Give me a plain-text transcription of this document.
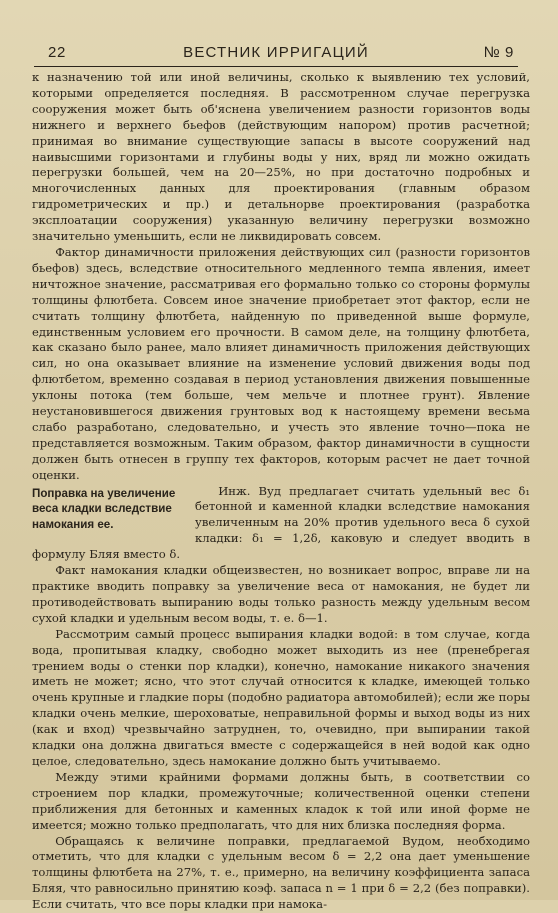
22	ВЕСТНИК ИРРИГАЦИЙ	№ 9

к назначению той или иной величины, сколько к выявлению тех условий, которыми определяется последняя. В рассмотренном случае перегрузка сооружения может быть об'яснена увеличением разности горизонтов воды нижнего и верхнего бьефов (действующим напором) против расчетной; принимая во внимание существующие запасы в высоте сооружений над наивысшими горизонтами и глубины воды у них, вряд ли можно ожидать перегрузки большей, чем на 20—25%, но при достаточно подробных и многочисленных данных для проектирования (главным образом гидрометрических и пр.) и детальнорве проектирования (разработка эксплоатации сооружения) указанную величину перегрузки возможно значительно уменьшить, если не ликвидировать совсем.

Фактор динамичности приложения действующих сил (разности горизонтов бьефов) здесь, вследствие относительного медленного темпа явления, имеет ничтожное значение, рассматривая его формально только со стороны формулы толщины флютбета. Совсем иное значение приобретает этот фактор, если не считать толщину флютбета, найденную по приведенной выше формуле, единственным условием его прочности. В самом деле, на толщину флютбета, как сказано было ранее, мало влияет динамичность приложения действующих сил, но она оказывает влияние на изменение условий движения воды под флютбетом, временно создавая в период установления движения повышенные уклоны потока (тем больше, чем мельче и плотнее грунт). Явление неустановившегося движения грунтовых вод к настоящему времени весьма слабо разработано, следовательно, и учесть это явление точно—пока не представляется возможным. Таким образом, фактор динамичности в сущности должен быть отнесен в группу тех факторов, которым расчет не дает точной оценки.

Поправка на увеличение веса кладки вследствие намокания ее.

Инж. Вуд предлагает считать удельный вес δ₁ бетонной и каменной кладки вследствие намокания увеличенным на 20% против удельного веса δ сухой кладки: δ₁ = 1,2δ, каковую и следует вводить в формулу Бляя вместо δ.

Факт намокания кладки общеизвестен, но возникает вопрос, вправе ли на практике вводить поправку за увеличение веса от намокания, не будет ли противодействовать выпиранию воды только разность между удельным весом сухой кладки и удельным весом воды, т. е. δ—1.

Рассмотрим самый процесс выпирания кладки водой: в том случае, когда вода, пропитывая кладку, свободно может выходить из нее (пренебрегая трением воды о стенки пор кладки), конечно, намокание никакого значения иметь не может; ясно, что этот случай относится к кладке, имеющей только очень крупные и гладкие поры (подобно радиатора автомобилей); если же поры кладки очень мелкие, шероховатые, неправильной формы и выход воды из них (как и вход) чрезвычайно затруднен, то, очевидно, при выпирании такой кладки она должна двигаться вместе с содержащейся в ней водой как одно целое, следовательно, здесь намокание должно быть учитываемо.

Между этими крайними формами должны быть, в соответствии со строением пор кладки, промежуточные; количественной оценки степени приближения для бетонных и каменных кладок к той или иной форме не имеется; можно только предполагать, что для них близка последняя форма.

Обращаясь к величине поправки, предлагаемой Вудом, необходимо отметить, что для кладки с удельным весом δ = 2,2 она дает уменьшение толщины флютбета на 27%, т. е., примерно, на величину коэффициента запаса Бляя, что равносильно принятию коэф. запаса n = 1 при δ = 2,2 (без поправки). Если считать, что все поры кладки при намока-
